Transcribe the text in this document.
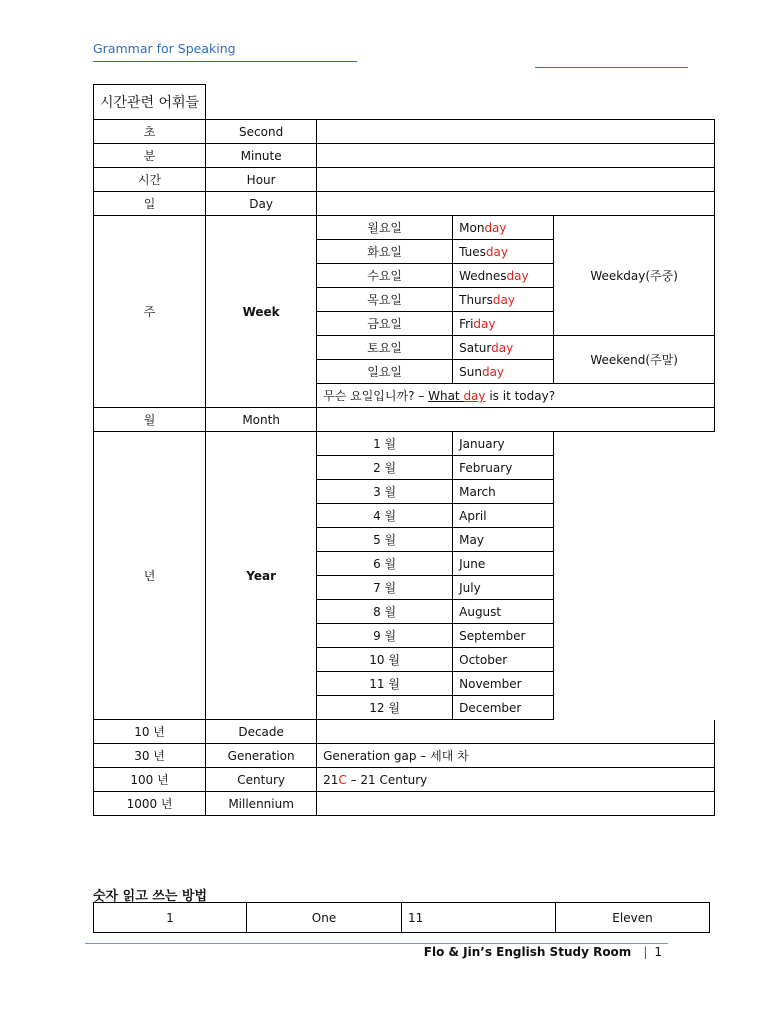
Grammar for Speaking
시간관련 어휘들				
초	Second			
분	Minute			
시간	Hour			
일	Day			
주	Week	월요일	Monday	Weekday(주중)
		화요일	Tuesday	
		수요일	Wednesday	
		목요일	Thursday	
		금요일	Friday	
		토요일	Saturday	Weekend(주말)
		일요일	Sunday	
		무슨 요일입니까? – What day is it today?		
월	Month			
년	Year	1 월	January	
		2 월	February	
		3 월	March	
		4 월	April	
		5 월	May	
		6 월	June	
		7 월	July	
		8 월	August	
		9 월	September	
		10 월	October	
		11 월	November	
		12 월	December	
10 년	Decade			
30 년	Generation	Generation gap – 세대 차		
100 년	Century	21C – 21 Century		
1000 년	Millennium			
숫자 읽고 쓰는 방법
1	One	11	Eleven
Flo & Jin’s English Study Room | 1
